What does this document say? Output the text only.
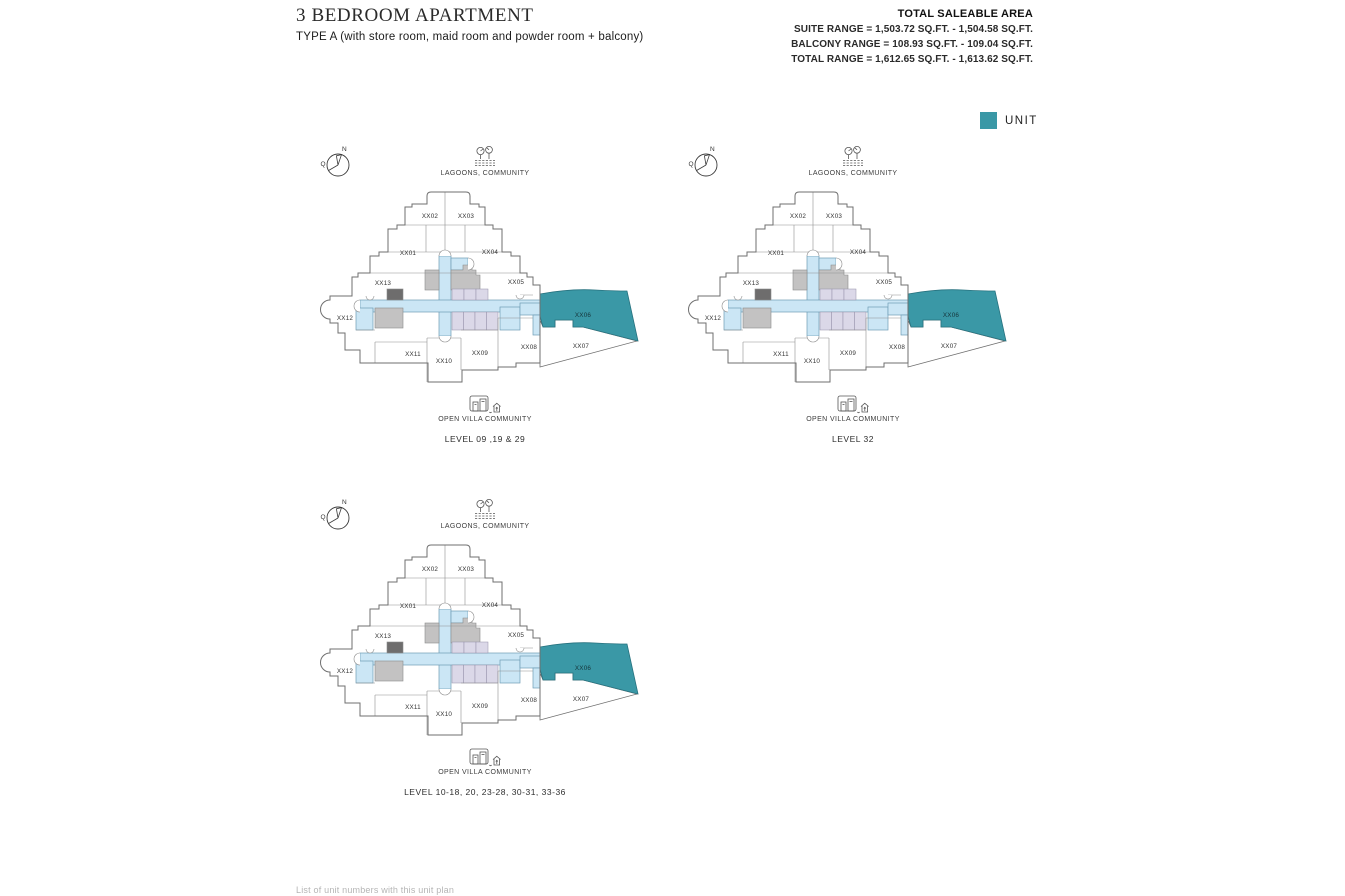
3 BEDROOM APARTMENT
TYPE A (with store room, maid room and powder room + balcony)
TOTAL SALEABLE AREA
SUITE RANGE = 1,503.72 SQ.FT. - 1,504.58 SQ.FT.
BALCONY RANGE = 108.93 SQ.FT. - 109.04 SQ.FT.
TOTAL RANGE = 1,612.65 SQ.FT. - 1,613.62 SQ.FT.
UNIT
N
Q
LAGOONS, COMMUNITY
XX01
XX02	XX03
XX04
XX05
XX06
XX07
XX08
XX09
XX10
XX11
XX12
XX13
OPEN VILLA COMMUNITY
LEVEL 09 ,19 & 29
N
Q
LAGOONS, COMMUNITY
XX01
XX02	XX03
XX04
XX05
XX06
XX07
XX08
XX09
XX10
XX11
XX12
XX13
OPEN VILLA COMMUNITY
LEVEL 32
N
Q
LAGOONS, COMMUNITY
XX01
XX02	XX03
XX04
XX05
XX06
XX07
XX08
XX09
XX10
XX11
XX12
XX13
OPEN VILLA COMMUNITY
LEVEL 10-18, 20, 23-28, 30-31, 33-36
List of unit numbers with this unit plan
